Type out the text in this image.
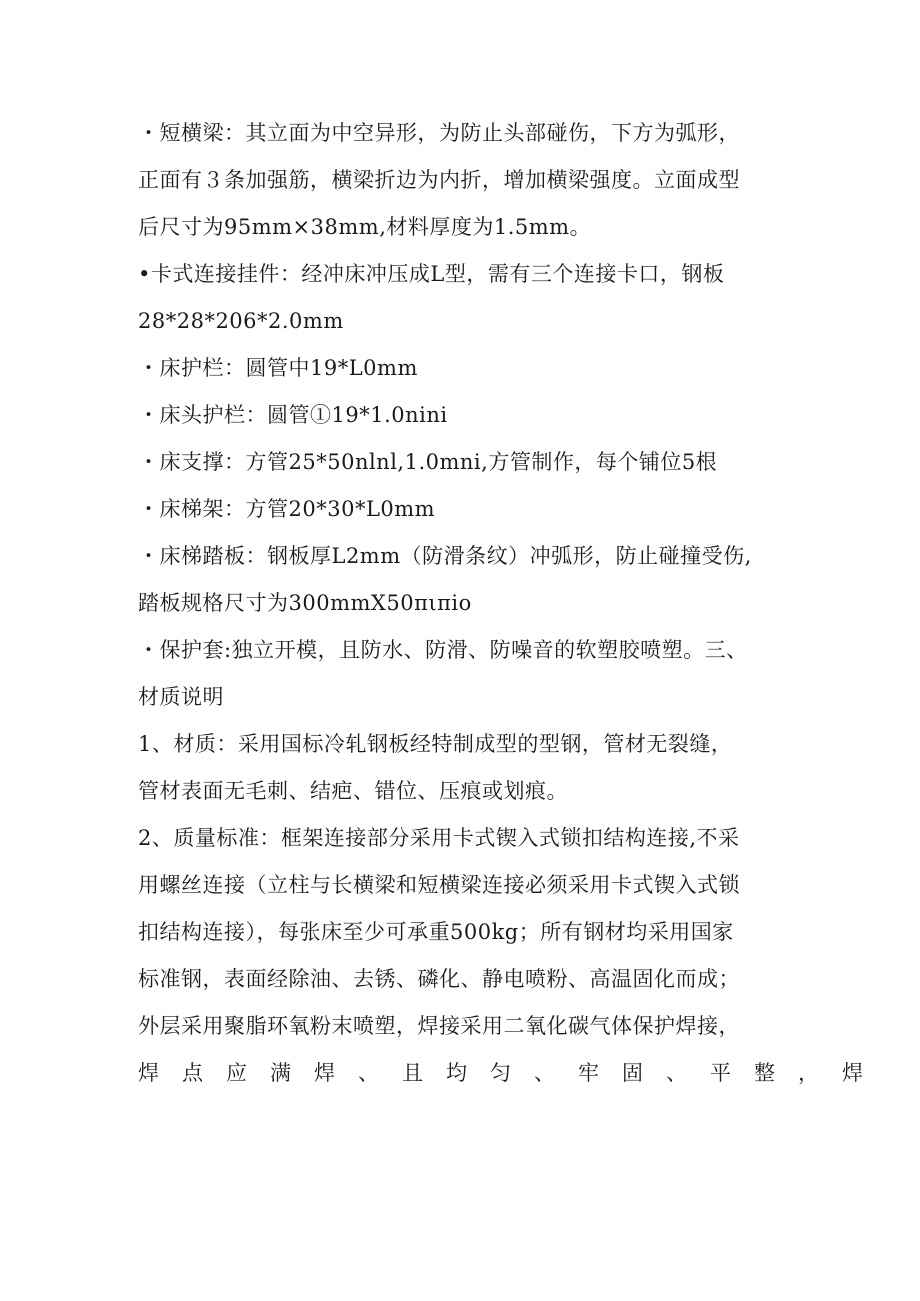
・短横梁：其立面为中空异形，为防止头部碰伤，下方为弧形，
正面有３条加强筋，横梁折边为内折，增加横梁强度。立面成型
后尺寸为95mm×38mm,材料厚度为1.5mm。
•卡式连接挂件：经冲床冲压成L型，需有三个连接卡口，钢板
28*28*206*2.0mm
・床护栏：圆管中19*L0mm
・床头护栏：圆管①19*1.0nini
・床支撑：方管25*50nlnl,1.0mni,方管制作，每个铺位5根
・床梯架：方管20*30*L0mm
・床梯踏板：钢板厚L2mm（防滑条纹）冲弧形，防止碰撞受伤,
踏板规格尺寸为300mmX50πιπio
・保护套:独立开模，且防水、防滑、防噪音的软塑胶喷塑。三、
材质说明
1、材质：采用国标冷轧钢板经特制成型的型钢，管材无裂缝，
管材表面无毛刺、结疤、错位、压痕或划痕。
2、质量标准：框架连接部分采用卡式锲入式锁扣结构连接,不采
用螺丝连接（立柱与长横梁和短横梁连接必须采用卡式锲入式锁
扣结构连接），每张床至少可承重500kg；所有钢材均采用国家
标准钢，表面经除油、去锈、磷化、静电喷粉、高温固化而成；
外层采用聚脂环氧粉末喷塑，焊接采用二氧化碳气体保护焊接，
焊点应满焊、且均匀、牢固、平整，焊
